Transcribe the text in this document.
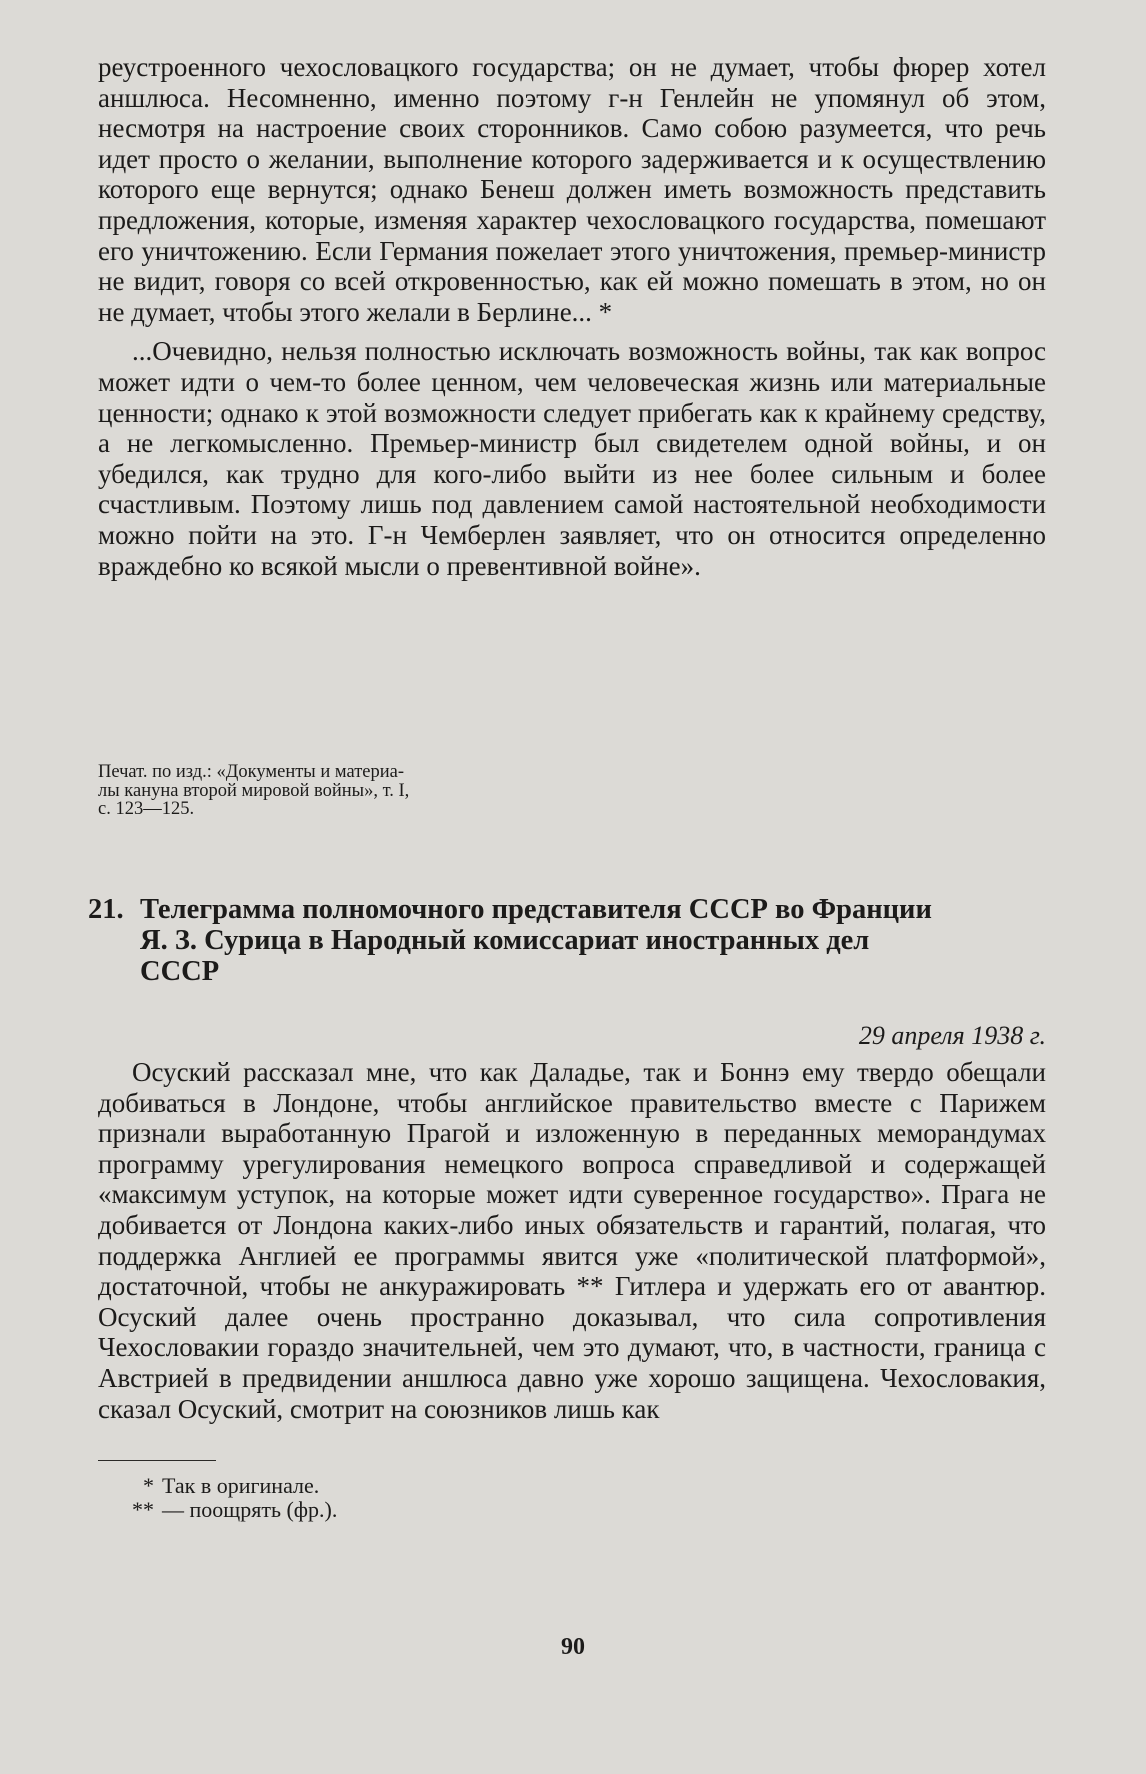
реустроенного чехословацкого государства; он не думает, чтобы фюрер хотел аншлюса. Несомненно, именно поэтому г-н Генлейн не упомянул об этом, несмотря на настроение своих сторонников. Само собою разумеется, что речь идет просто о желании, выполнение которого задерживается и к осуществлению которого еще вернутся; однако Бенеш должен иметь возможность представить предложения, которые, изменяя характер чехословацкого государства, помешают его уничтожению. Если Германия пожелает этого уничтожения, премьер-министр не видит, говоря со всей откровенностью, как ей можно помешать в этом, но он не думает, чтобы этого желали в Берлине... *

...Очевидно, нельзя полностью исключать возможность войны, так как вопрос может идти о чем-то более ценном, чем человеческая жизнь или материальные ценности; однако к этой возможности следует прибегать как к крайнему средству, а не легкомысленно. Премьер-министр был свидетелем одной войны, и он убедился, как трудно для кого-либо выйти из нее более сильным и более счастливым. Поэтому лишь под давлением самой настоятельной необходимости можно пойти на это. Г-н Чемберлен заявляет, что он относится определенно враждебно ко всякой мысли о превентивной войне».

Печат. по изд.: «Документы и материа-
лы кануна второй мировой войны», т. I,
с. 123—125.
21. Телеграмма полномочного представителя СССР во Франции
Я. З. Сурица в Народный комиссариат иностранных дел
СССР
29 апреля 1938 г.

Осуский рассказал мне, что как Даладье, так и Боннэ ему твердо обещали добиваться в Лондоне, чтобы английское правительство вместе с Парижем признали выработанную Прагой и изложенную в переданных меморандумах программу урегулирования немецкого вопроса справедливой и содержащей «максимум уступок, на которые может идти суверенное государство». Прага не добивается от Лондона каких-либо иных обязательств и гарантий, полагая, что поддержка Англией ее программы явится уже «политической платформой», достаточной, чтобы не анкуражировать ** Гитлера и удержать его от авантюр. Осуский далее очень пространно доказывал, что сила сопротивления Чехословакии гораздо значительней, чем это думают, что, в частности, граница с Австрией в предвидении аншлюса давно уже хорошо защищена. Чехословакия, сказал Осуский, смотрит на союзников лишь как

* Так в оригинале.
** — поощрять (фр.).
90
